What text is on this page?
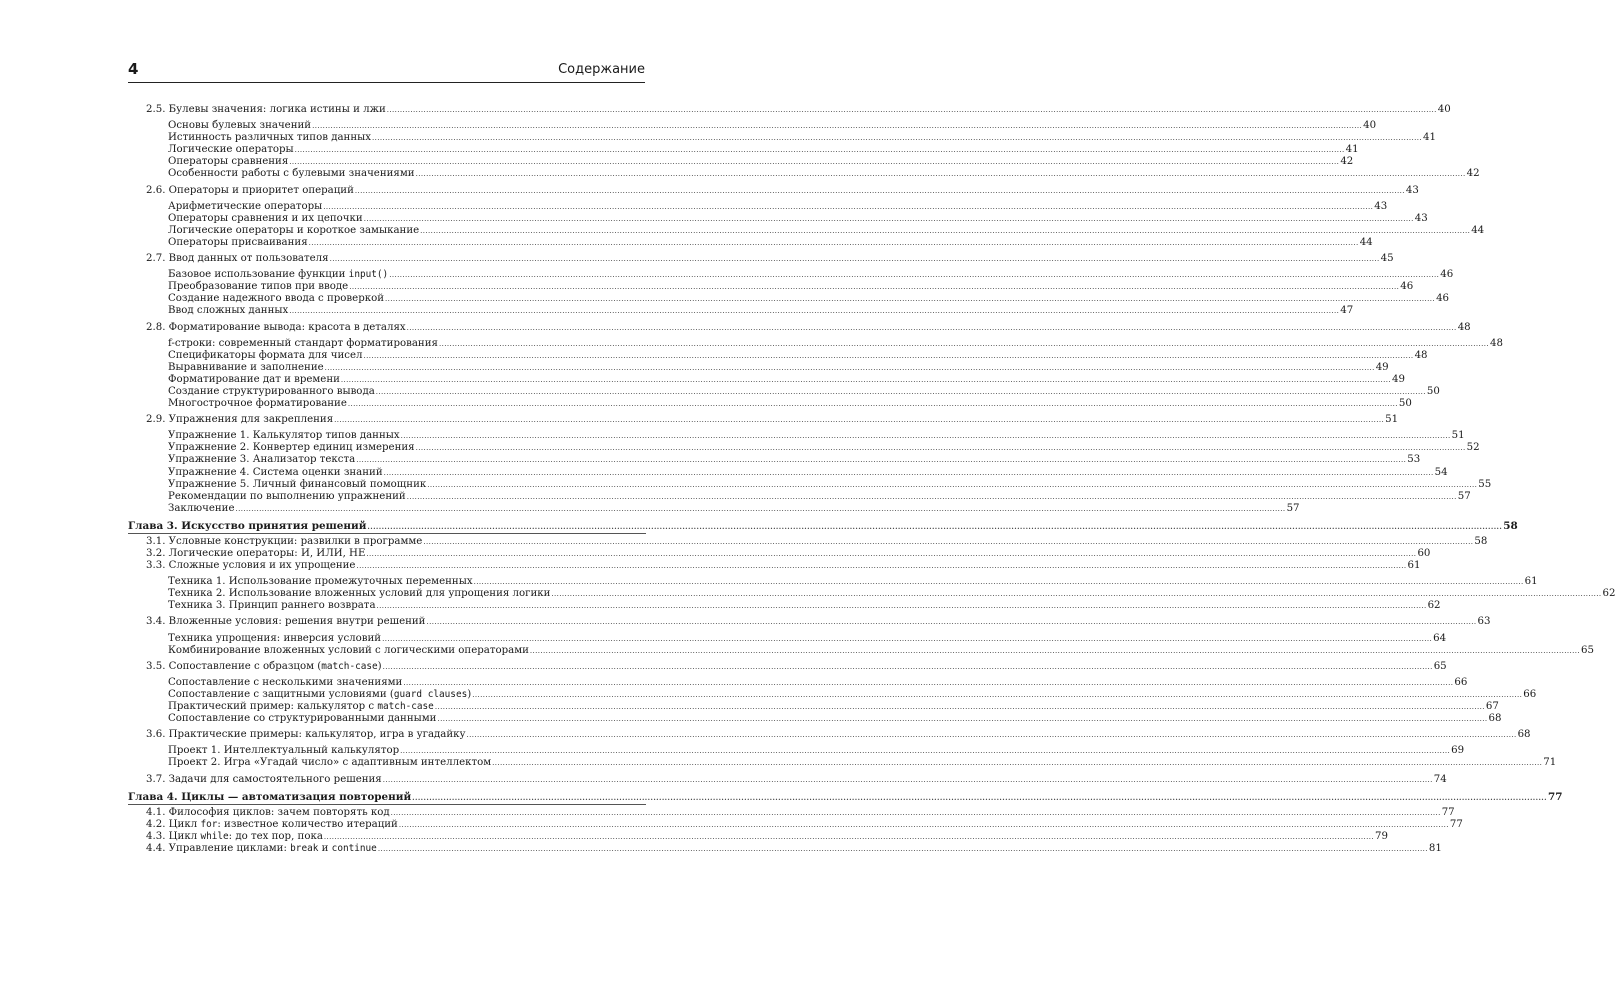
4	Содержание
2.5. Булевы значения: логика истины и лжи ................................................................................................................................................................................................................................................................................................................................................................................................................ 40
Основы булевых значений ................................................................................................................................................................................................................................................................................................................................................................................................................ 40
Истинность различных типов данных ................................................................................................................................................................................................................................................................................................................................................................................................................ 41
Логические операторы ................................................................................................................................................................................................................................................................................................................................................................................................................ 41
Операторы сравнения ................................................................................................................................................................................................................................................................................................................................................................................................................ 42
Особенности работы с булевыми значениями ................................................................................................................................................................................................................................................................................................................................................................................................................ 42
2.6. Операторы и приоритет операций ................................................................................................................................................................................................................................................................................................................................................................................................................ 43
Арифметические операторы ................................................................................................................................................................................................................................................................................................................................................................................................................ 43
Операторы сравнения и их цепочки ................................................................................................................................................................................................................................................................................................................................................................................................................ 43
Логические операторы и короткое замыкание ................................................................................................................................................................................................................................................................................................................................................................................................................ 44
Операторы присваивания ................................................................................................................................................................................................................................................................................................................................................................................................................ 44
2.7. Ввод данных от пользователя ................................................................................................................................................................................................................................................................................................................................................................................................................ 45
Базовое использование функции input() ................................................................................................................................................................................................................................................................................................................................................................................................................ 46
Преобразование типов при вводе ................................................................................................................................................................................................................................................................................................................................................................................................................ 46
Создание надежного ввода с проверкой ................................................................................................................................................................................................................................................................................................................................................................................................................ 46
Ввод сложных данных ................................................................................................................................................................................................................................................................................................................................................................................................................ 47
2.8. Форматирование вывода: красота в деталях ................................................................................................................................................................................................................................................................................................................................................................................................................ 48
f-строки: современный стандарт форматирования ................................................................................................................................................................................................................................................................................................................................................................................................................ 48
Спецификаторы формата для чисел ................................................................................................................................................................................................................................................................................................................................................................................................................ 48
Выравнивание и заполнение ................................................................................................................................................................................................................................................................................................................................................................................................................ 49
Форматирование дат и времени ................................................................................................................................................................................................................................................................................................................................................................................................................ 49
Создание структурированного вывода ................................................................................................................................................................................................................................................................................................................................................................................................................ 50
Многострочное форматирование ................................................................................................................................................................................................................................................................................................................................................................................................................ 50
2.9. Упражнения для закрепления ................................................................................................................................................................................................................................................................................................................................................................................................................ 51
Упражнение 1. Калькулятор типов данных ................................................................................................................................................................................................................................................................................................................................................................................................................ 51
Упражнение 2. Конвертер единиц измерения ................................................................................................................................................................................................................................................................................................................................................................................................................ 52
Упражнение 3. Анализатор текста ................................................................................................................................................................................................................................................................................................................................................................................................................ 53
Упражнение 4. Система оценки знаний ................................................................................................................................................................................................................................................................................................................................................................................................................ 54
Упражнение 5. Личный финансовый помощник ................................................................................................................................................................................................................................................................................................................................................................................................................ 55
Рекомендации по выполнению упражнений ................................................................................................................................................................................................................................................................................................................................................................................................................ 57
Заключение ................................................................................................................................................................................................................................................................................................................................................................................................................ 57
Глава 3. Искусство принятия решений ................................................................................................................................................................................................................................................................................................................................................................................................................ 58
3.1. Условные конструкции: развилки в программе ................................................................................................................................................................................................................................................................................................................................................................................................................ 58
3.2. Логические операторы: И, ИЛИ, НЕ ................................................................................................................................................................................................................................................................................................................................................................................................................ 60
3.3. Сложные условия и их упрощение ................................................................................................................................................................................................................................................................................................................................................................................................................ 61
Техника 1. Использование промежуточных переменных ................................................................................................................................................................................................................................................................................................................................................................................................................ 61
Техника 2. Использование вложенных условий для упрощения логики ................................................................................................................................................................................................................................................................................................................................................................................................................ 62
Техника 3. Принцип раннего возврата ................................................................................................................................................................................................................................................................................................................................................................................................................ 62
3.4. Вложенные условия: решения внутри решений ................................................................................................................................................................................................................................................................................................................................................................................................................ 63
Техника упрощения: инверсия условий ................................................................................................................................................................................................................................................................................................................................................................................................................ 64
Комбинирование вложенных условий с логическими операторами ................................................................................................................................................................................................................................................................................................................................................................................................................ 65
3.5. Сопоставление с образцом (match-case) ................................................................................................................................................................................................................................................................................................................................................................................................................ 65
Сопоставление с несколькими значениями ................................................................................................................................................................................................................................................................................................................................................................................................................ 66
Сопоставление с защитными условиями (guard clauses) ................................................................................................................................................................................................................................................................................................................................................................................................................ 66
Практический пример: калькулятор с match-case ................................................................................................................................................................................................................................................................................................................................................................................................................ 67
Сопоставление со структурированными данными ................................................................................................................................................................................................................................................................................................................................................................................................................ 68
3.6. Практические примеры: калькулятор, игра в угадайку ................................................................................................................................................................................................................................................................................................................................................................................................................ 68
Проект 1. Интеллектуальный калькулятор ................................................................................................................................................................................................................................................................................................................................................................................................................ 69
Проект 2. Игра «Угадай число» с адаптивным интеллектом ................................................................................................................................................................................................................................................................................................................................................................................................................ 71
3.7. Задачи для самостоятельного решения ................................................................................................................................................................................................................................................................................................................................................................................................................ 74
Глава 4. Циклы — автоматизация повторений ................................................................................................................................................................................................................................................................................................................................................................................................................ 77
4.1. Философия циклов: зачем повторять код ................................................................................................................................................................................................................................................................................................................................................................................................................ 77
4.2. Цикл for: известное количество итераций ................................................................................................................................................................................................................................................................................................................................................................................................................ 77
4.3. Цикл while: до тех пор, пока ................................................................................................................................................................................................................................................................................................................................................................................................................ 79
4.4. Управление циклами: break и continue ................................................................................................................................................................................................................................................................................................................................................................................................................ 81
